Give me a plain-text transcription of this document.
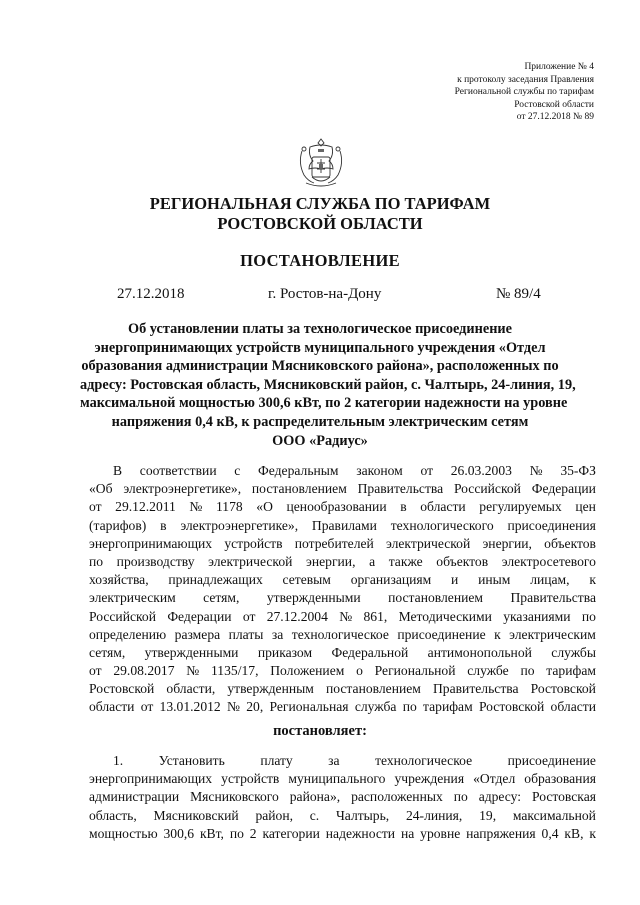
Приложение № 4
к протоколу заседания Правления
Региональной службы по тарифам
Ростовской области
от 27.12.2018 № 89
РЕГИОНАЛЬНАЯ СЛУЖБА ПО ТАРИФАМ
РОСТОВСКОЙ ОБЛАСТИ
ПОСТАНОВЛЕНИЕ
27.12.2018	г. Ростов-на-Дону	№ 89/4
Об установлении платы за технологическое присоединение
энергопринимающих устройств муниципального учреждения «Отдел
образования администрации Мясниковского района», расположенных по
адресу: Ростовская область, Мясниковский район, с. Чалтырь, 24-линия, 19,
максимальной мощностью 300,6 кВт, по 2 категории надежности на уровне
напряжения 0,4 кВ, к распределительным электрическим сетям
ООО «Радиус»
В соответствии с Федеральным законом от 26.03.2003 № 35-ФЗ
«Об электроэнергетике», постановлением Правительства Российской Федерации
от 29.12.2011 № 1178 «О ценообразовании в области регулируемых цен
(тарифов) в электроэнергетике», Правилами технологического присоединения
энергопринимающих устройств потребителей электрической энергии, объектов
по производству электрической энергии, а также объектов электросетевого
хозяйства, принадлежащих сетевым организациям и иным лицам, к
электрическим сетям, утвержденными постановлением Правительства
Российской Федерации от 27.12.2004 № 861, Методическими указаниями по
определению размера платы за технологическое присоединение к электрическим
сетям, утвержденными приказом Федеральной антимонопольной службы
от 29.08.2017 № 1135/17, Положением о Региональной службе по тарифам
Ростовской области, утвержденным постановлением Правительства Ростовской
области от 13.01.2012 № 20, Региональная служба по тарифам Ростовской области
постановляет:
1.	Установить	плату	за	технологическое	присоединение
энергопринимающих устройств муниципального учреждения «Отдел образования
администрации Мясниковского района», расположенных по адресу: Ростовская
область, Мясниковский район, с. Чалтырь, 24-линия, 19, максимальной
мощностью 300,6 кВт, по 2 категории надежности на уровне напряжения 0,4 кВ, к
